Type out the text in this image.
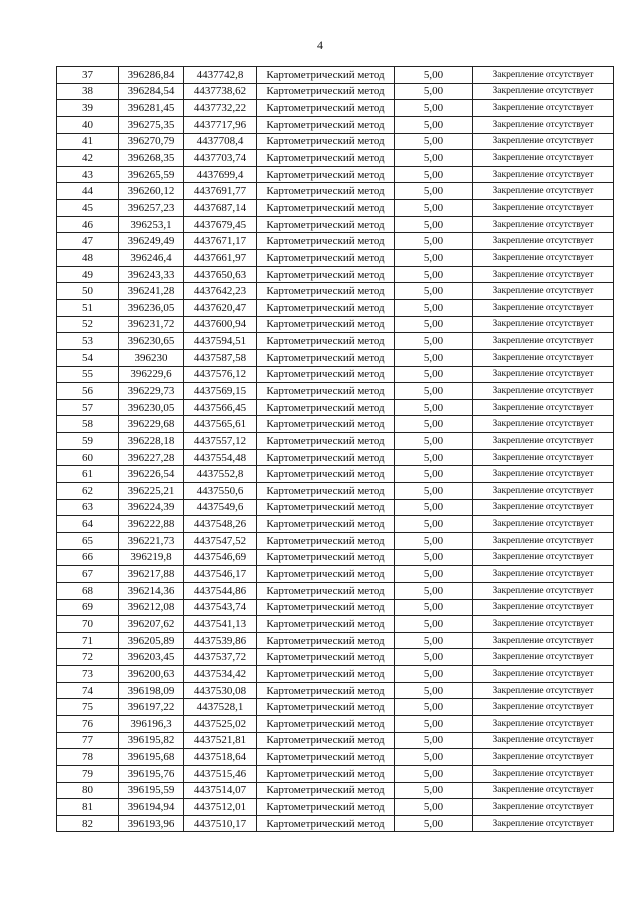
4
37	396286,84	4437742,8	Картометрический метод	5,00	Закрепление отсутствует
38	396284,54	4437738,62	Картометрический метод	5,00	Закрепление отсутствует
39	396281,45	4437732,22	Картометрический метод	5,00	Закрепление отсутствует
40	396275,35	4437717,96	Картометрический метод	5,00	Закрепление отсутствует
41	396270,79	4437708,4	Картометрический метод	5,00	Закрепление отсутствует
42	396268,35	4437703,74	Картометрический метод	5,00	Закрепление отсутствует
43	396265,59	4437699,4	Картометрический метод	5,00	Закрепление отсутствует
44	396260,12	4437691,77	Картометрический метод	5,00	Закрепление отсутствует
45	396257,23	4437687,14	Картометрический метод	5,00	Закрепление отсутствует
46	396253,1	4437679,45	Картометрический метод	5,00	Закрепление отсутствует
47	396249,49	4437671,17	Картометрический метод	5,00	Закрепление отсутствует
48	396246,4	4437661,97	Картометрический метод	5,00	Закрепление отсутствует
49	396243,33	4437650,63	Картометрический метод	5,00	Закрепление отсутствует
50	396241,28	4437642,23	Картометрический метод	5,00	Закрепление отсутствует
51	396236,05	4437620,47	Картометрический метод	5,00	Закрепление отсутствует
52	396231,72	4437600,94	Картометрический метод	5,00	Закрепление отсутствует
53	396230,65	4437594,51	Картометрический метод	5,00	Закрепление отсутствует
54	396230	4437587,58	Картометрический метод	5,00	Закрепление отсутствует
55	396229,6	4437576,12	Картометрический метод	5,00	Закрепление отсутствует
56	396229,73	4437569,15	Картометрический метод	5,00	Закрепление отсутствует
57	396230,05	4437566,45	Картометрический метод	5,00	Закрепление отсутствует
58	396229,68	4437565,61	Картометрический метод	5,00	Закрепление отсутствует
59	396228,18	4437557,12	Картометрический метод	5,00	Закрепление отсутствует
60	396227,28	4437554,48	Картометрический метод	5,00	Закрепление отсутствует
61	396226,54	4437552,8	Картометрический метод	5,00	Закрепление отсутствует
62	396225,21	4437550,6	Картометрический метод	5,00	Закрепление отсутствует
63	396224,39	4437549,6	Картометрический метод	5,00	Закрепление отсутствует
64	396222,88	4437548,26	Картометрический метод	5,00	Закрепление отсутствует
65	396221,73	4437547,52	Картометрический метод	5,00	Закрепление отсутствует
66	396219,8	4437546,69	Картометрический метод	5,00	Закрепление отсутствует
67	396217,88	4437546,17	Картометрический метод	5,00	Закрепление отсутствует
68	396214,36	4437544,86	Картометрический метод	5,00	Закрепление отсутствует
69	396212,08	4437543,74	Картометрический метод	5,00	Закрепление отсутствует
70	396207,62	4437541,13	Картометрический метод	5,00	Закрепление отсутствует
71	396205,89	4437539,86	Картометрический метод	5,00	Закрепление отсутствует
72	396203,45	4437537,72	Картометрический метод	5,00	Закрепление отсутствует
73	396200,63	4437534,42	Картометрический метод	5,00	Закрепление отсутствует
74	396198,09	4437530,08	Картометрический метод	5,00	Закрепление отсутствует
75	396197,22	4437528,1	Картометрический метод	5,00	Закрепление отсутствует
76	396196,3	4437525,02	Картометрический метод	5,00	Закрепление отсутствует
77	396195,82	4437521,81	Картометрический метод	5,00	Закрепление отсутствует
78	396195,68	4437518,64	Картометрический метод	5,00	Закрепление отсутствует
79	396195,76	4437515,46	Картометрический метод	5,00	Закрепление отсутствует
80	396195,59	4437514,07	Картометрический метод	5,00	Закрепление отсутствует
81	396194,94	4437512,01	Картометрический метод	5,00	Закрепление отсутствует
82	396193,96	4437510,17	Картометрический метод	5,00	Закрепление отсутствует
